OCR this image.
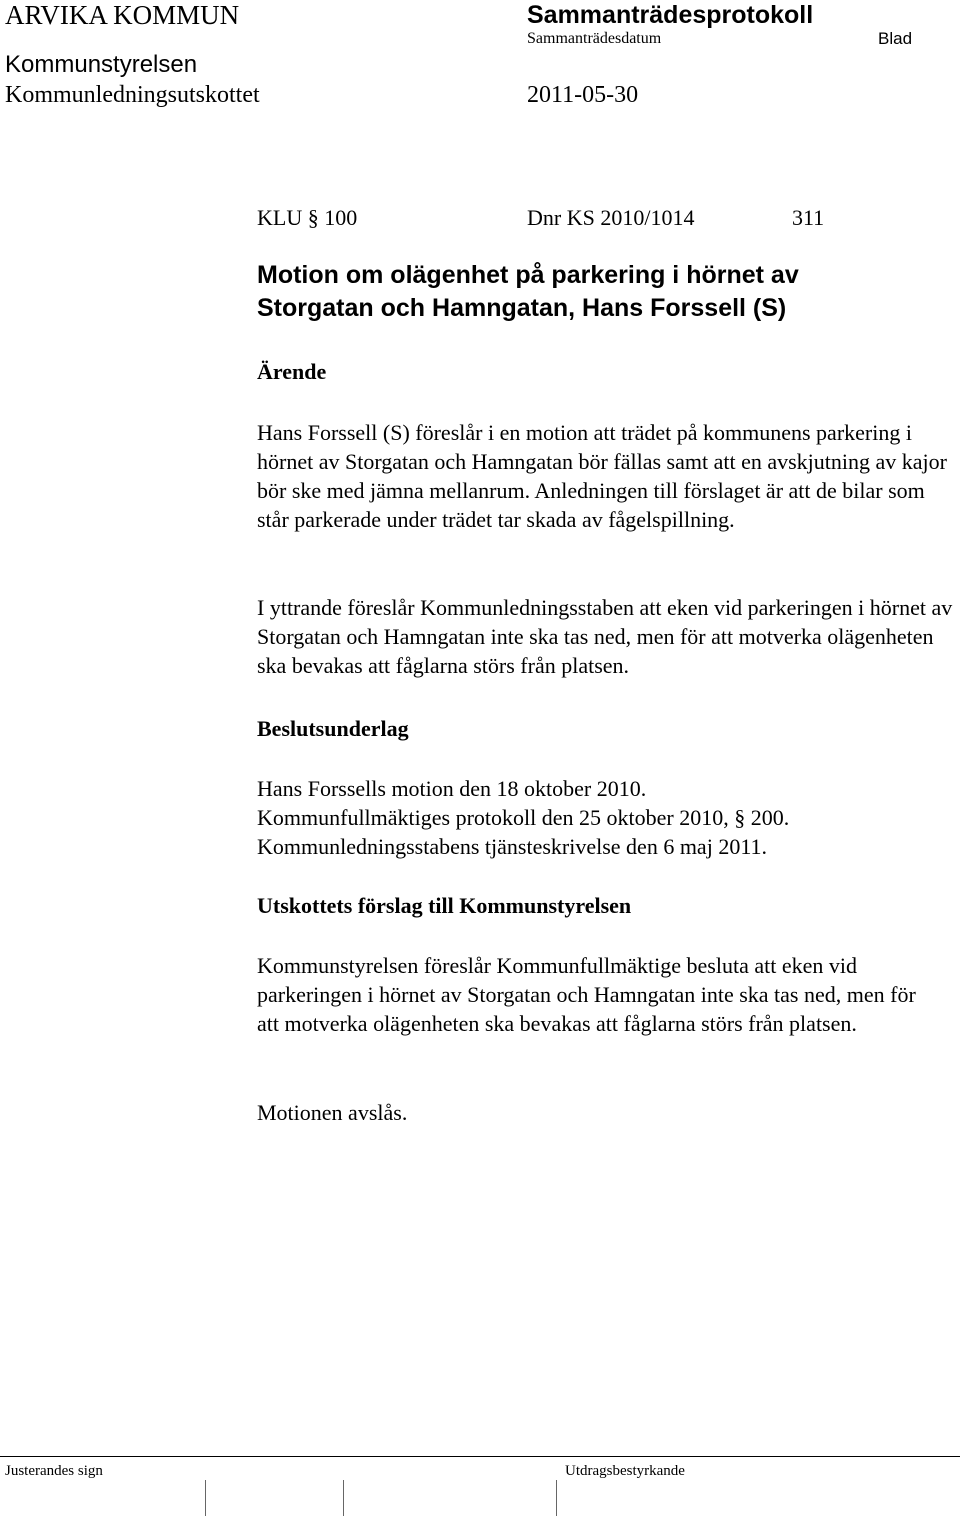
ARVIKA KOMMUN	Sammanträdesprotokoll
Sammanträdesdatum	Blad
Kommunstyrelsen
Kommunledningsutskottet	2011-05-30
KLU § 100	Dnr KS 2010/1014	311

Motion om olägenhet på parkering i hörnet av Storgatan och Hamngatan, Hans Forssell (S)

Ärende

Hans Forssell (S) föreslår i en motion att trädet på kommunens parkering i hörnet av Storgatan och Hamngatan bör fällas samt att en avskjutning av kajor bör ske med jämna mellanrum. Anledningen till förslaget är att de bilar som står parkerade under trädet tar skada av fågelspillning.

I yttrande föreslår Kommunledningsstaben att eken vid parkeringen i hörnet av Storgatan och Hamngatan inte ska tas ned, men för att motverka olägenheten ska bevakas att fåglarna störs från platsen.

Beslutsunderlag

Hans Forssells motion den 18 oktober 2010.

Kommunfullmäktiges protokoll den 25 oktober 2010, § 200.

Kommunledningsstabens tjänsteskrivelse den 6 maj 2011.

Utskottets förslag till Kommunstyrelsen

Kommunstyrelsen föreslår Kommunfullmäktige besluta att eken vid parkeringen i hörnet av Storgatan och Hamngatan inte ska tas ned, men för att motverka olägenheten ska bevakas att fåglarna störs från platsen.

Motionen avslås.

Justerandes sign	Utdragsbestyrkande
